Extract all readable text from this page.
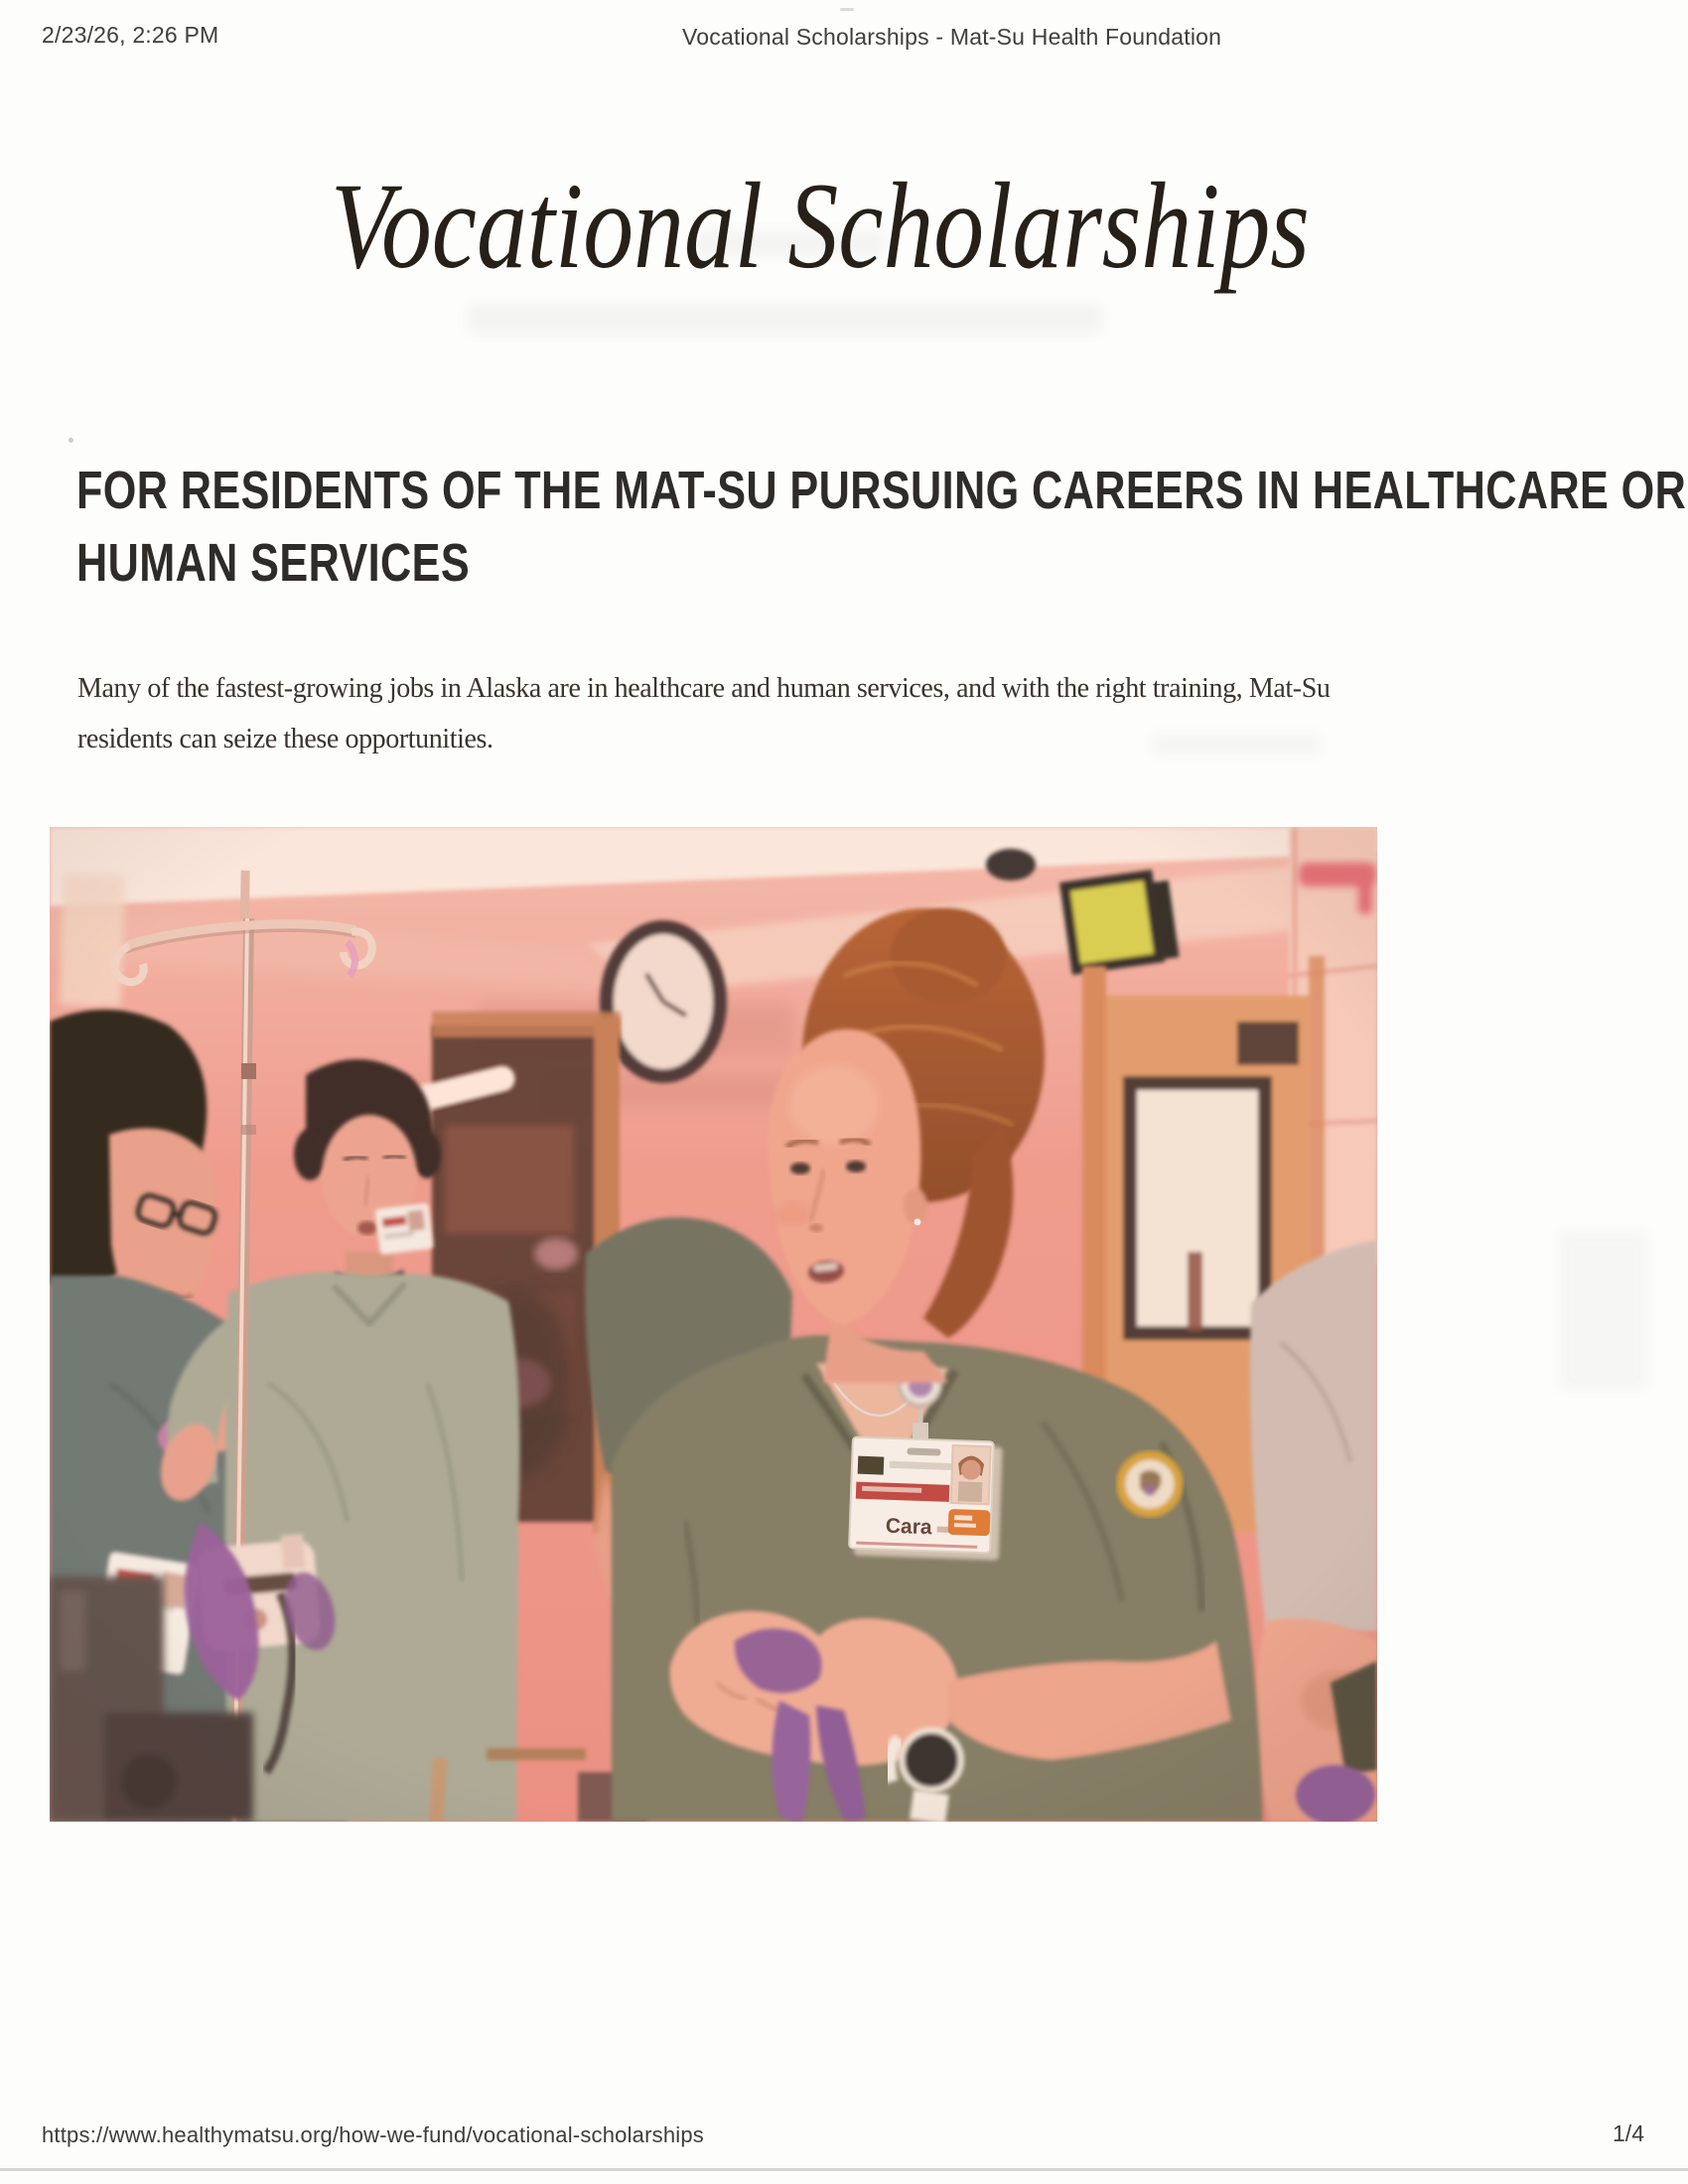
2/23/26, 2:26 PM	Vocational Scholarships - Mat-Su Health Foundation
Vocational Scholarships
FOR RESIDENTS OF THE MAT-SU PURSUING CAREERS IN HEALTHCARE OR
HUMAN SERVICES
Many of the fastest-growing jobs in Alaska are in healthcare and human services, and with the right training, Mat-Su
residents can seize these opportunities.
https://www.healthymatsu.org/how-we-fund/vocational-scholarships	1/4
